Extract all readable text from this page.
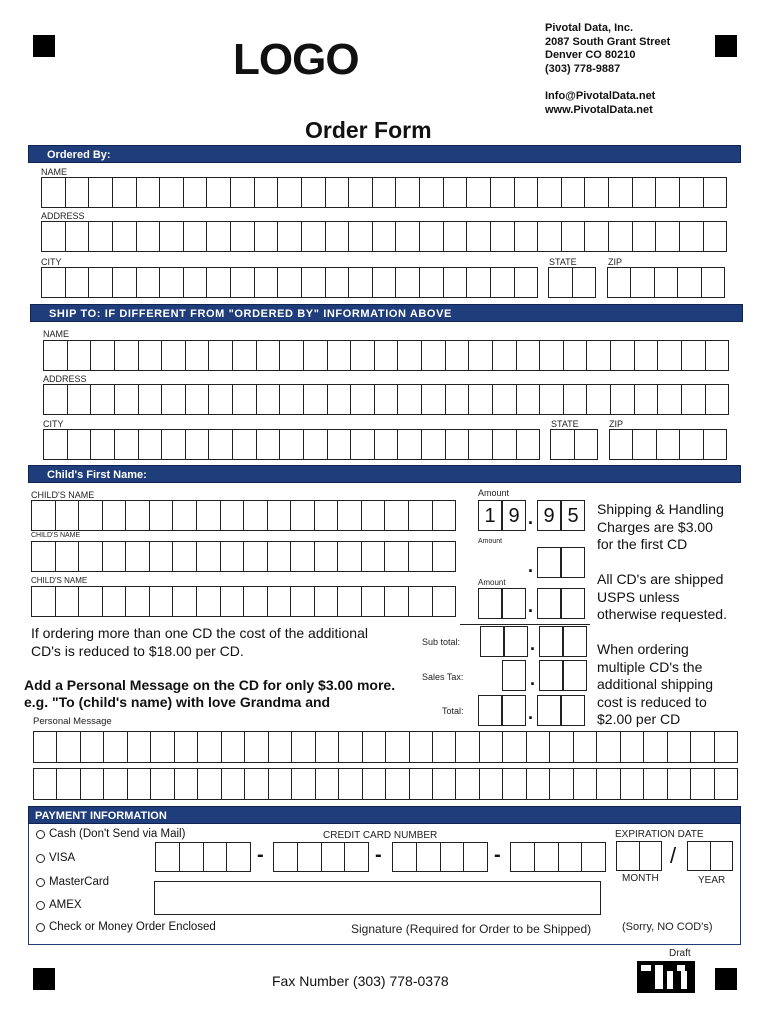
LOGO
Pivotal Data, Inc.
2087 South Grant Street
Denver CO 80210
(303) 778-9887
Info@PivotalData.net
www.PivotalData.net
Order Form
Ordered By:
NAME
ADDRESS
CITY	STATE	ZIP
SHIP TO: IF DIFFERENT FROM "ORDERED BY" INFORMATION ABOVE
NAME
ADDRESS
CITY	STATE	ZIP
Child's First Name:
CHILD'S NAME
CHILD'S NAME
CHILD'S NAME
Amount
1 9 . 9 5
Amount
.
Amount
.
Sub total:	.
Sales Tax:	.
Total:	.
Shipping & Handling
Charges are $3.00
for the first CD
All CD's are shipped
USPS unless
otherwise requested.
When ordering
multiple CD's the
additional shipping
cost is reduced to
$2.00 per CD
If ordering more than one CD the cost of the additional
CD's is reduced to $18.00 per CD.
Add a Personal Message on the CD for only $3.00 more.
e.g. "To (child's name) with love Grandma and
Personal Message
PAYMENT INFORMATION
Cash (Don't Send via Mail)
VISA
MasterCard
AMEX
Check or Money Order Enclosed
CREDIT CARD NUMBER
-	-	-
EXPIRATION DATE
/
MONTH	YEAR
Signature (Required for Order to be Shipped)	(Sorry, NO COD's)
Draft
Fax Number (303) 778-0378
